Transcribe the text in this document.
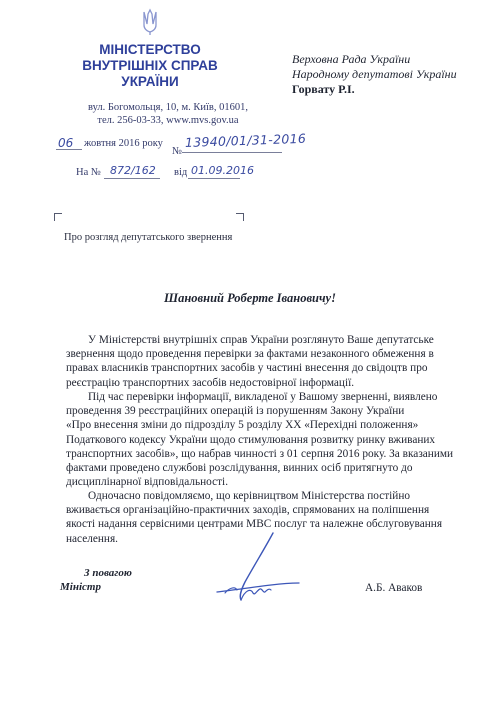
МІНІСТЕРСТВО
ВНУТРІШНІХ СПРАВ
УКРАЇНИ
вул. Богомольця, 10, м. Київ, 01601,
тел. 256-03-33, www.mvs.gov.ua
Верховна Рада України
Народному депутатові України
Горвату Р.І.
06 жовтня 2016 року
№
13940/01/31-2016
На № 872/162 від 01.09.2016
Про розгляд депутатського звернення
Шановний Роберте Івановичу!
У Міністерстві внутрішніх справ України розглянуто Ваше депутатське
звернення щодо проведення перевірки за фактами незаконного обмеження в
правах власників транспортних засобів у частині внесення до свідоцтв про
реєстрацію транспортних засобів недостовірної інформації.
Під час перевірки інформації, викладеної у Вашому зверненні, виявлено
проведення 39 реєстраційних операцій із порушенням Закону України
«Про внесення зміни до підрозділу 5 розділу XX «Перехідні положення»
Податкового кодексу України щодо стимулювання розвитку ринку вживаних
транспортних засобів», що набрав чинності з 01 серпня 2016 року. За вказаними
фактами проведено службові розслідування, винних осіб притягнуто до
дисциплінарної відповідальності.
Одночасно повідомляємо, що керівництвом Міністерства постійно
вживається організаційно-практичних заходів, спрямованих на поліпшення
якості надання сервісними центрами МВС послуг та належне обслуговування
населення.
З повагою
Міністр	А.Б. Аваков
